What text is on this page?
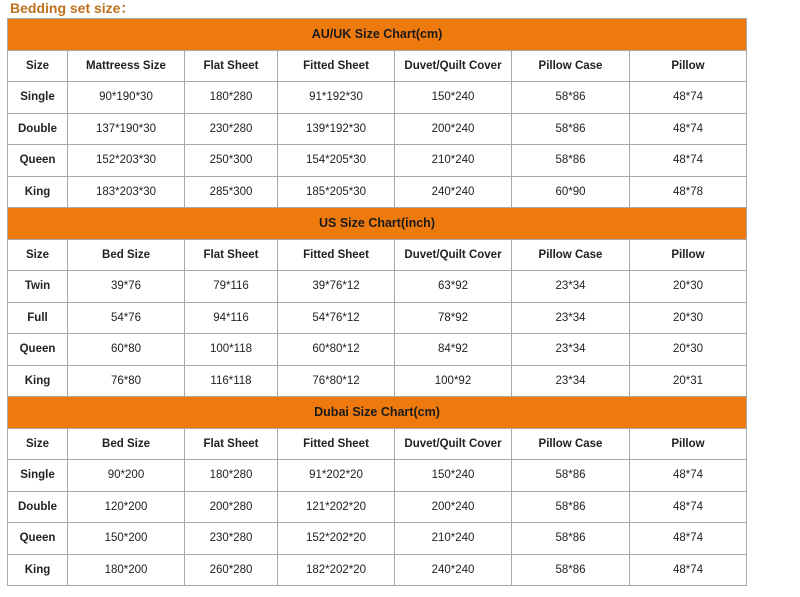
Bedding set size：
AU/UK Size Chart(cm)						
Size	Mattreess Size	Flat Sheet	Fitted Sheet	Duvet/Quilt Cover	Pillow Case	Pillow
Single	90*190*30	180*280	91*192*30	150*240	58*86	48*74
Double	137*190*30	230*280	139*192*30	200*240	58*86	48*74
Queen	152*203*30	250*300	154*205*30	210*240	58*86	48*74
King	183*203*30	285*300	185*205*30	240*240	60*90	48*78
US Size Chart(inch)						
Size	Bed Size	Flat Sheet	Fitted Sheet	Duvet/Quilt Cover	Pillow Case	Pillow
Twin	39*76	79*116	39*76*12	63*92	23*34	20*30
Full	54*76	94*116	54*76*12	78*92	23*34	20*30
Queen	60*80	100*118	60*80*12	84*92	23*34	20*30
King	76*80	116*118	76*80*12	100*92	23*34	20*31
Dubai Size Chart(cm)						
Size	Bed Size	Flat Sheet	Fitted Sheet	Duvet/Quilt Cover	Pillow Case	Pillow
Single	90*200	180*280	91*202*20	150*240	58*86	48*74
Double	120*200	200*280	121*202*20	200*240	58*86	48*74
Queen	150*200	230*280	152*202*20	210*240	58*86	48*74
King	180*200	260*280	182*202*20	240*240	58*86	48*74
